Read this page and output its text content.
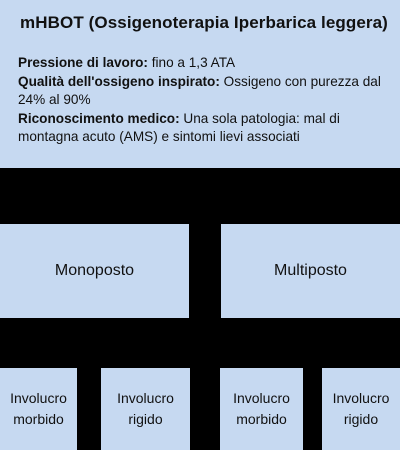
mHBOT (Ossigenoterapia Iperbarica leggera)

Pressione di lavoro: fino a 1,3 ATA

Qualità dell'ossigeno inspirato: Ossigeno con purezza dal 24% al 90%

Riconoscimento medico: Una sola patologia: mal di montagna acuto (AMS) e sintomi lievi associati

Monoposto	Multiposto
Involucro
morbido
Involucro
rigido
Involucro
morbido
Involucro
rigido
